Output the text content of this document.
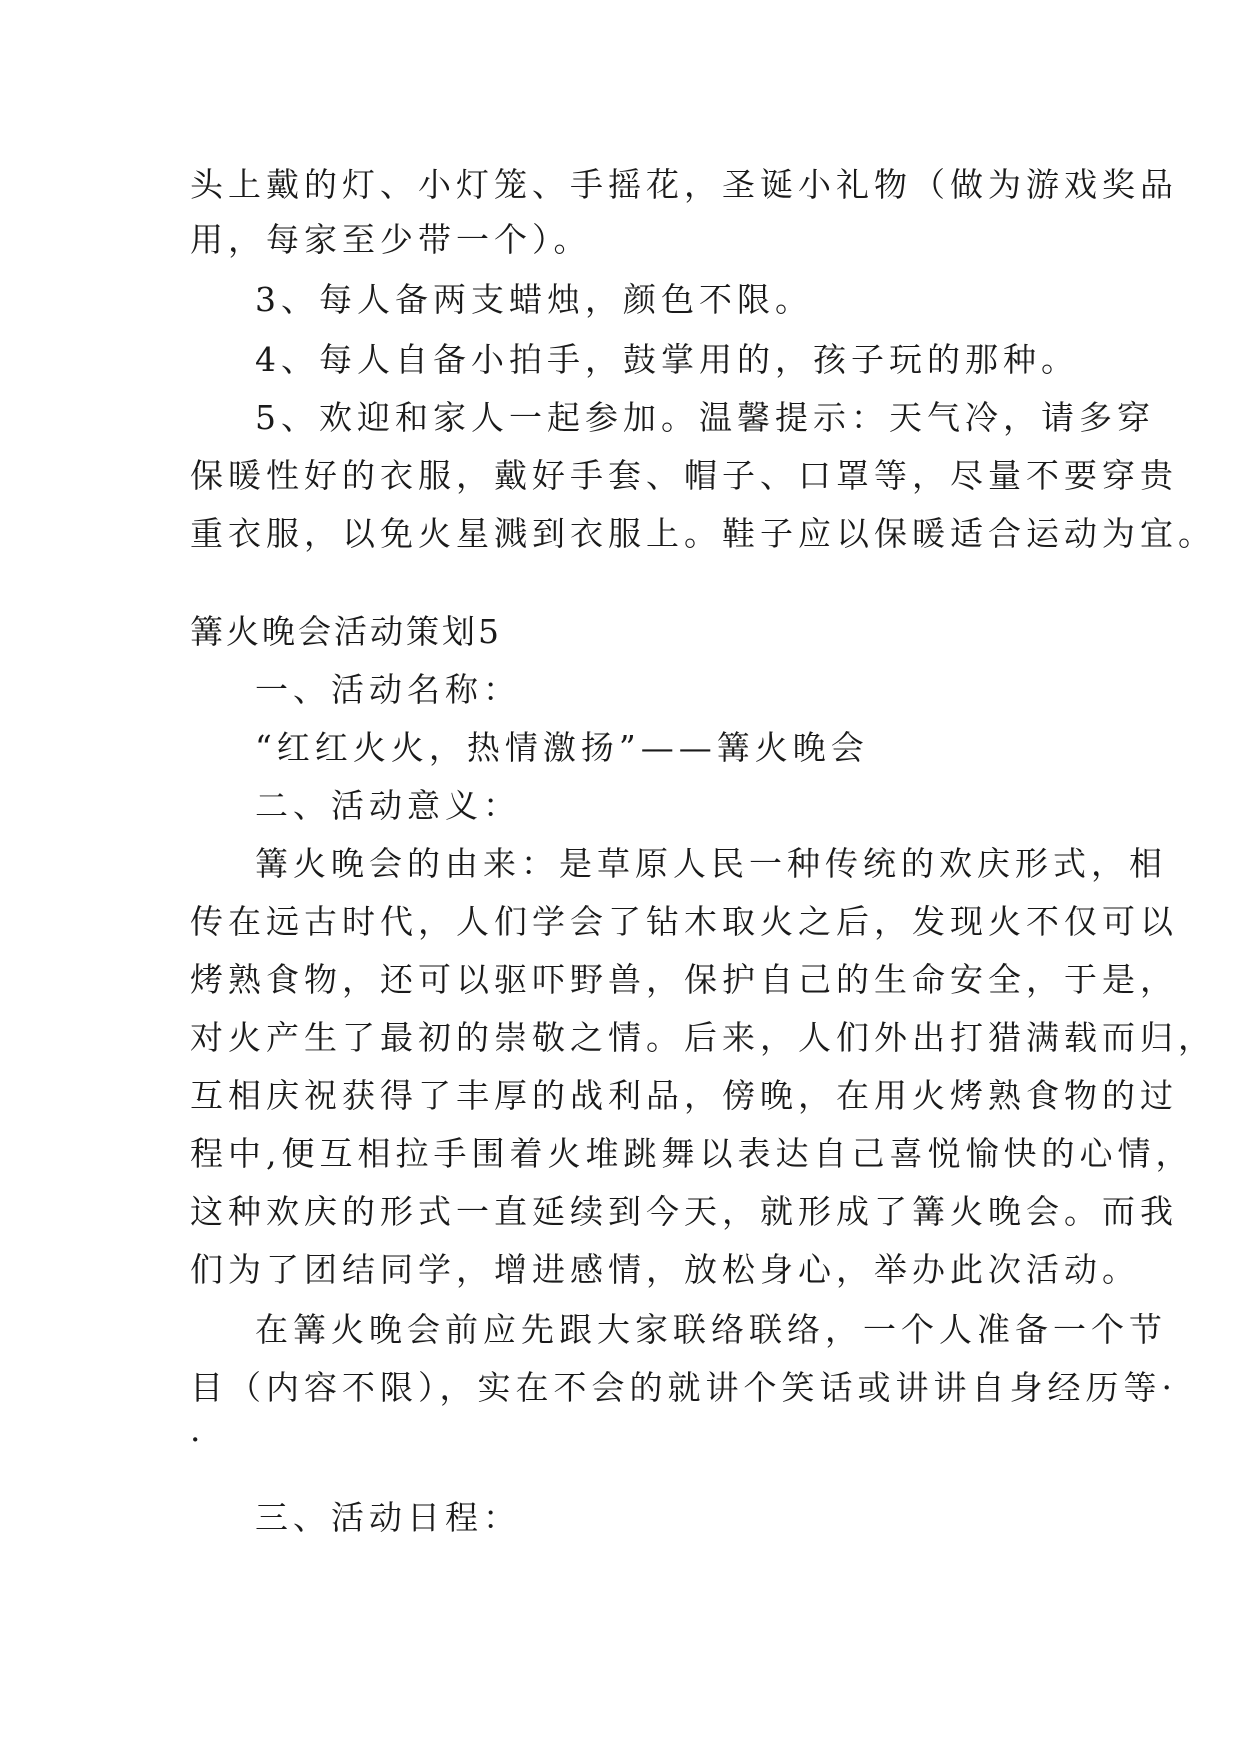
头上戴的灯、小灯笼、手摇花，圣诞小礼物（做为游戏奖品
用，每家至少带一个）。
3、每人备两支蜡烛，颜色不限。
4、每人自备小拍手，鼓掌用的，孩子玩的那种。
5、欢迎和家人一起参加。温馨提示：天气冷，请多穿
保暖性好的衣服，戴好手套、帽子、口罩等，尽量不要穿贵
重衣服，以免火星溅到衣服上。鞋子应以保暖适合运动为宜。
篝火晚会活动策划5
一、活动名称：
“红红火火，热情激扬”——篝火晚会
二、活动意义：
篝火晚会的由来：是草原人民一种传统的欢庆形式，相
传在远古时代，人们学会了钻木取火之后，发现火不仅可以
烤熟食物，还可以驱吓野兽，保护自己的生命安全，于是，
对火产生了最初的崇敬之情。后来，人们外出打猎满载而归，
互相庆祝获得了丰厚的战利品，傍晚，在用火烤熟食物的过
程中,便互相拉手围着火堆跳舞以表达自己喜悦愉快的心情，
这种欢庆的形式一直延续到今天，就形成了篝火晚会。而我
们为了团结同学，增进感情，放松身心，举办此次活动。
在篝火晚会前应先跟大家联络联络，一个人准备一个节
目（内容不限），实在不会的就讲个笑话或讲讲自身经历等·
·
三、活动日程：
